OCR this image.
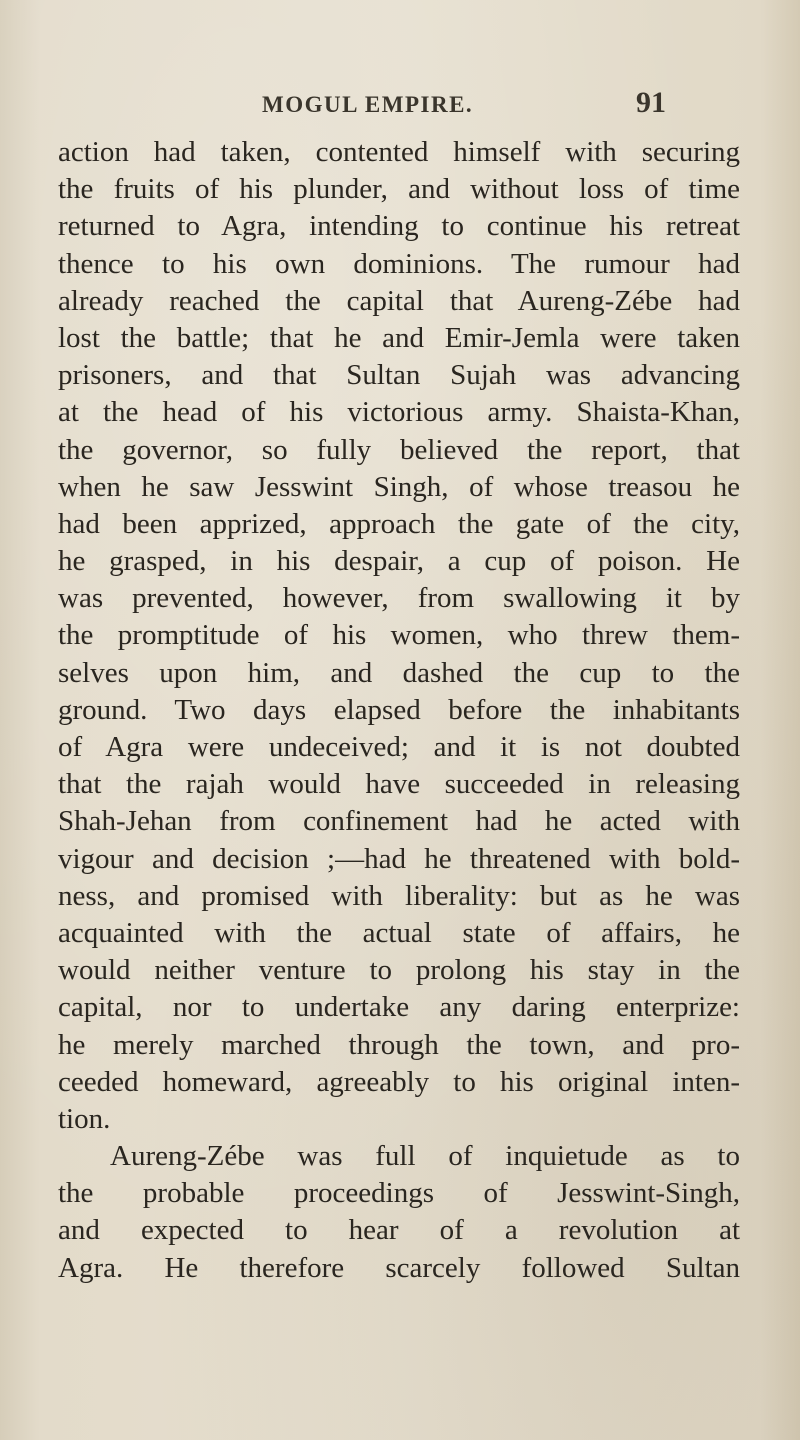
MOGUL EMPIRE.	91
action had taken, contented himself with securing
the fruits of his plunder, and without loss of time
returned to Agra, intending to continue his retreat
thence to his own dominions. The rumour had
already reached the capital that Aureng-Zébe had
lost the battle; that he and Emir-Jemla were taken
prisoners, and that Sultan Sujah was advancing
at the head of his victorious army. Shaista-Khan,
the governor, so fully believed the report, that
when he saw Jesswint Singh, of whose treasou he
had been apprized, approach the gate of the city,
he grasped, in his despair, a cup of poison. He
was prevented, however, from swallowing it by
the promptitude of his women, who threw them-
selves upon him, and dashed the cup to the
ground. Two days elapsed before the inhabitants
of Agra were undeceived; and it is not doubted
that the rajah would have succeeded in releasing
Shah-Jehan from confinement had he acted with
vigour and decision ;—had he threatened with bold-
ness, and promised with liberality: but as he was
acquainted with the actual state of affairs, he
would neither venture to prolong his stay in the
capital, nor to undertake any daring enterprize:
he merely marched through the town, and pro-
ceeded homeward, agreeably to his original inten-
tion.
Aureng-Zébe was full of inquietude as to
the probable proceedings of Jesswint-Singh,
and expected to hear of a revolution at
Agra. He therefore scarcely followed Sultan
